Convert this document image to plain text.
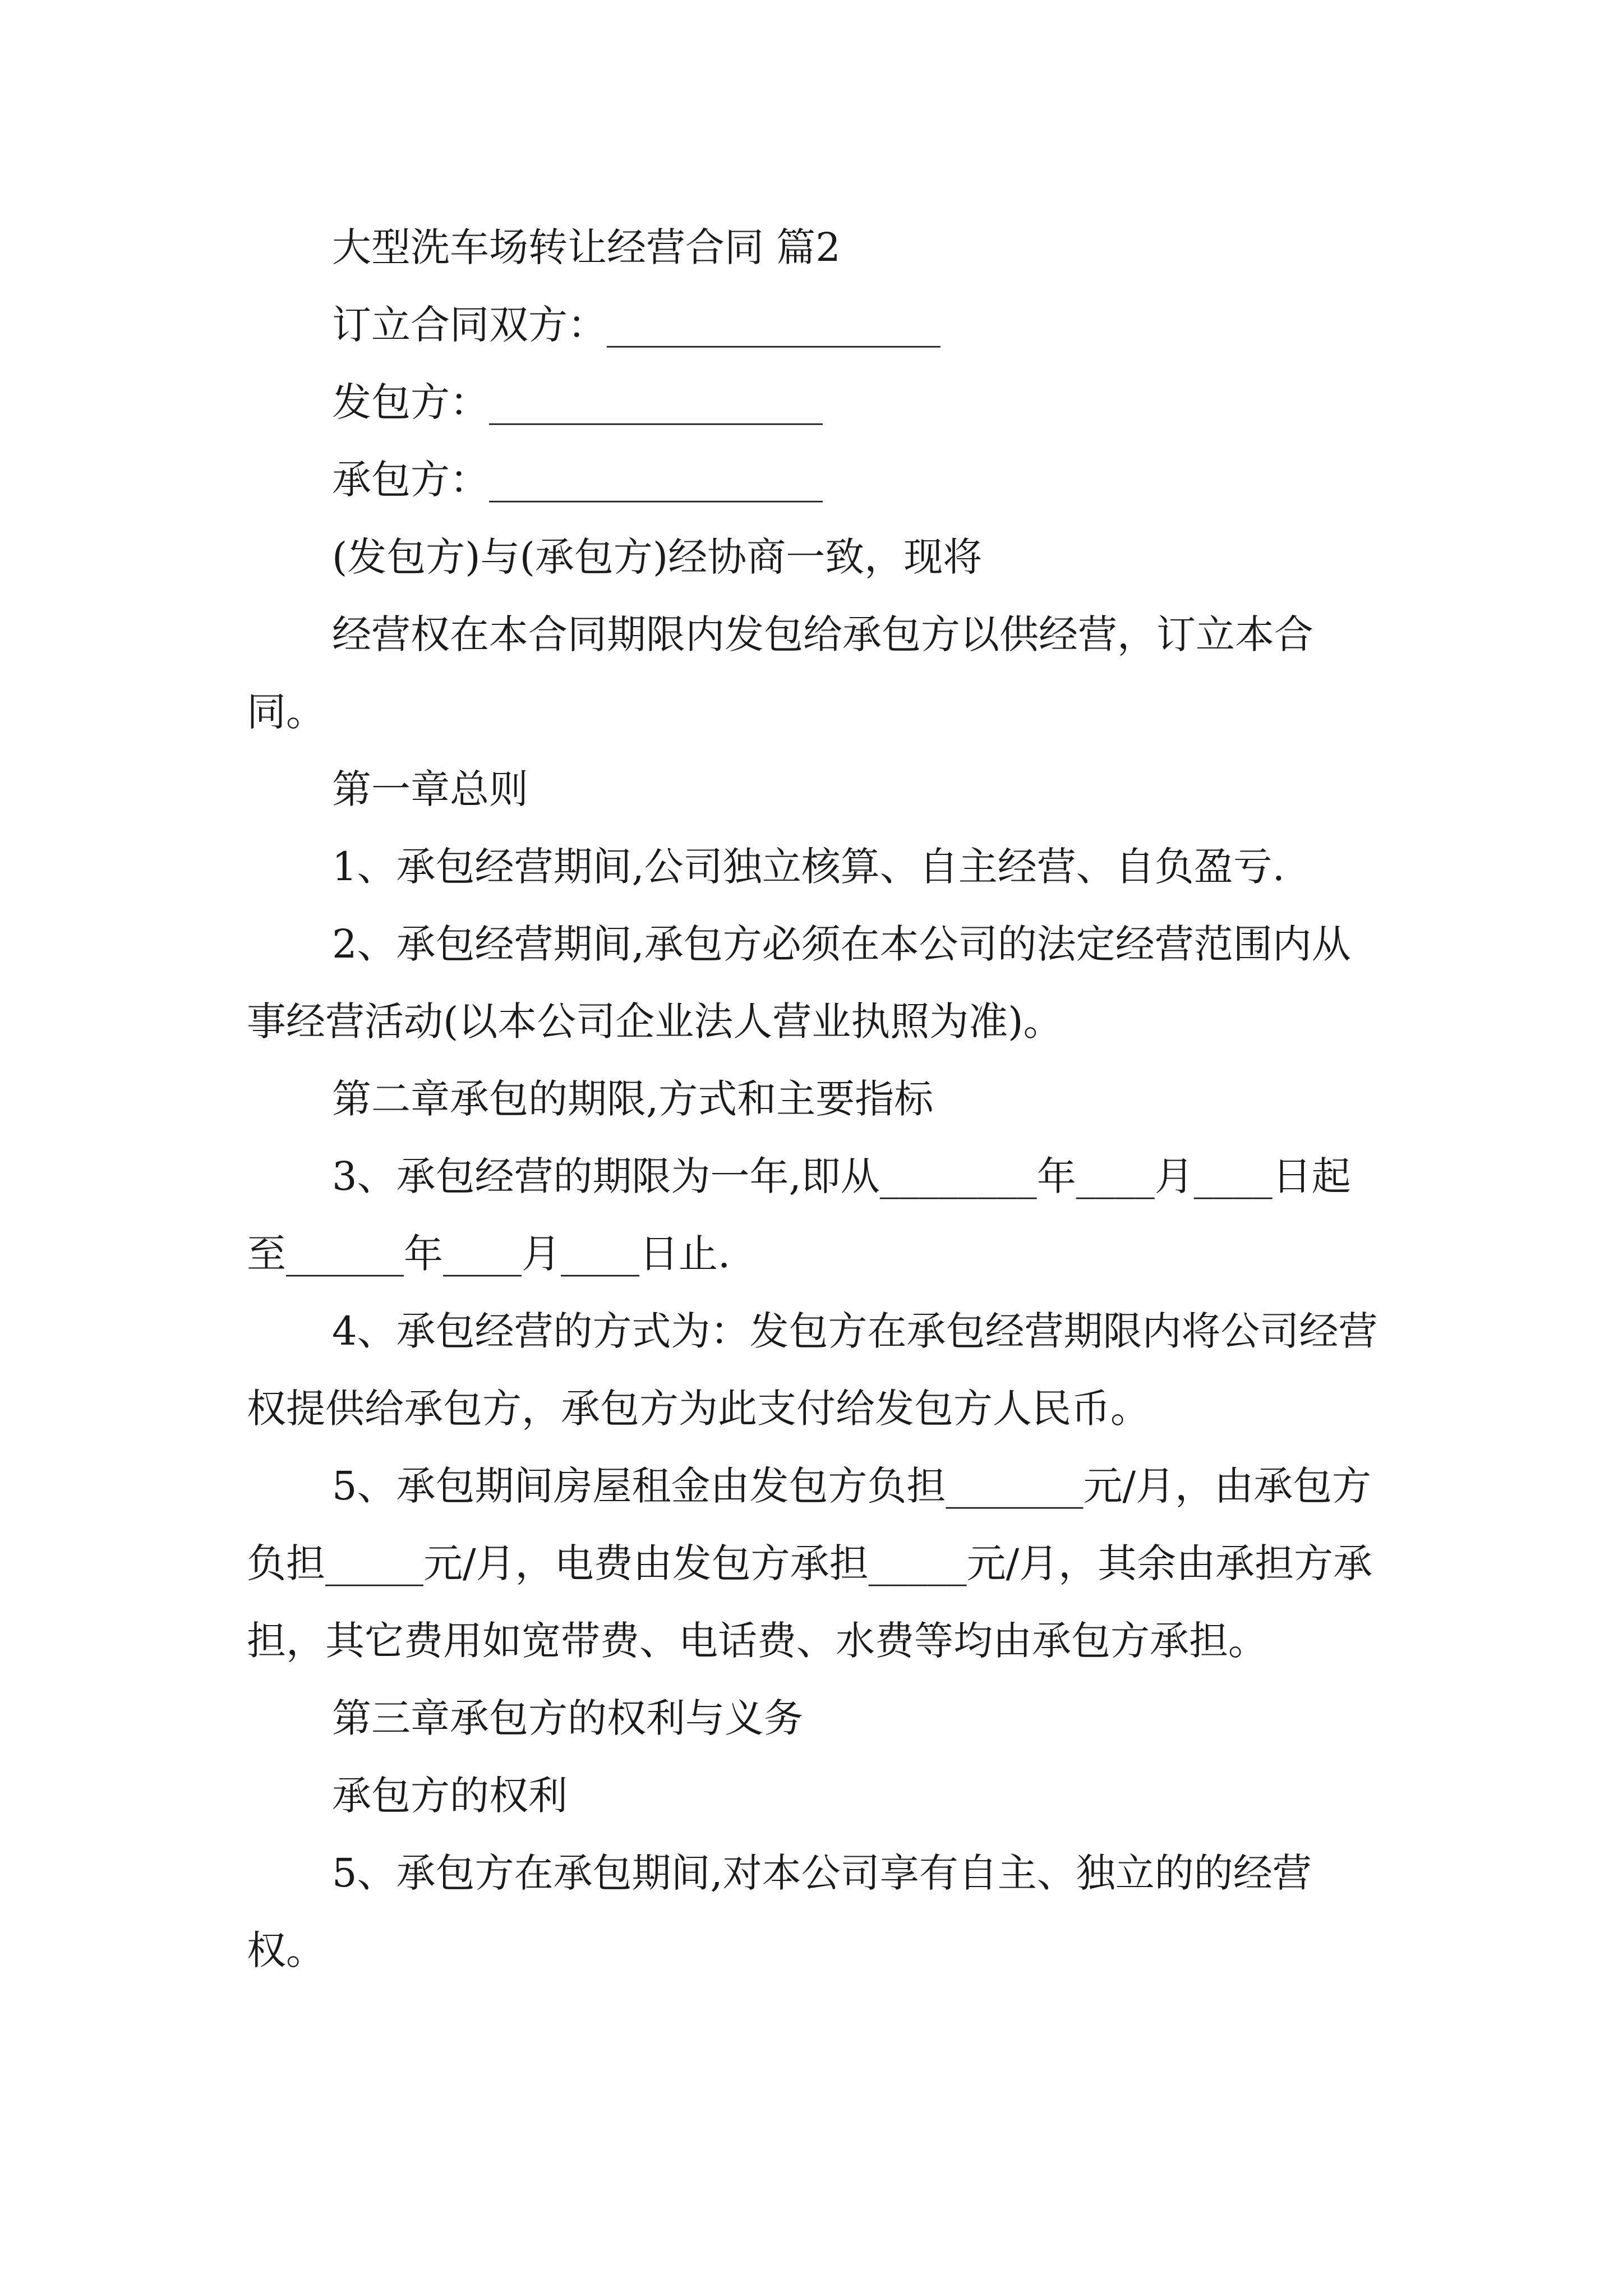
大型洗车场转让经营合同 篇2

订立合同双方：_________________

发包方：_________________

承包方：_________________

(发包方)与(承包方)经协商一致，现将

经营权在本合同期限内发包给承包方以供经营，订立本合同。

第一章总则

1、承包经营期间,公司独立核算、自主经营、自负盈亏.

2、承包经营期间,承包方必须在本公司的法定经营范围内从事经营活动(以本公司企业法人营业执照为准)。

第二章承包的期限,方式和主要指标

3、承包经营的期限为一年,即从________年____月____日起至______年____月____日止.

4、承包经营的方式为：发包方在承包经营期限内将公司经营权提供给承包方，承包方为此支付给发包方人民币。

5、承包期间房屋租金由发包方负担_______元/月，由承包方负担_____元/月，电费由发包方承担_____元/月，其余由承担方承担，其它费用如宽带费、电话费、水费等均由承包方承担。

第三章承包方的权利与义务

承包方的权利

5、承包方在承包期间,对本公司享有自主、独立的的经营权。
